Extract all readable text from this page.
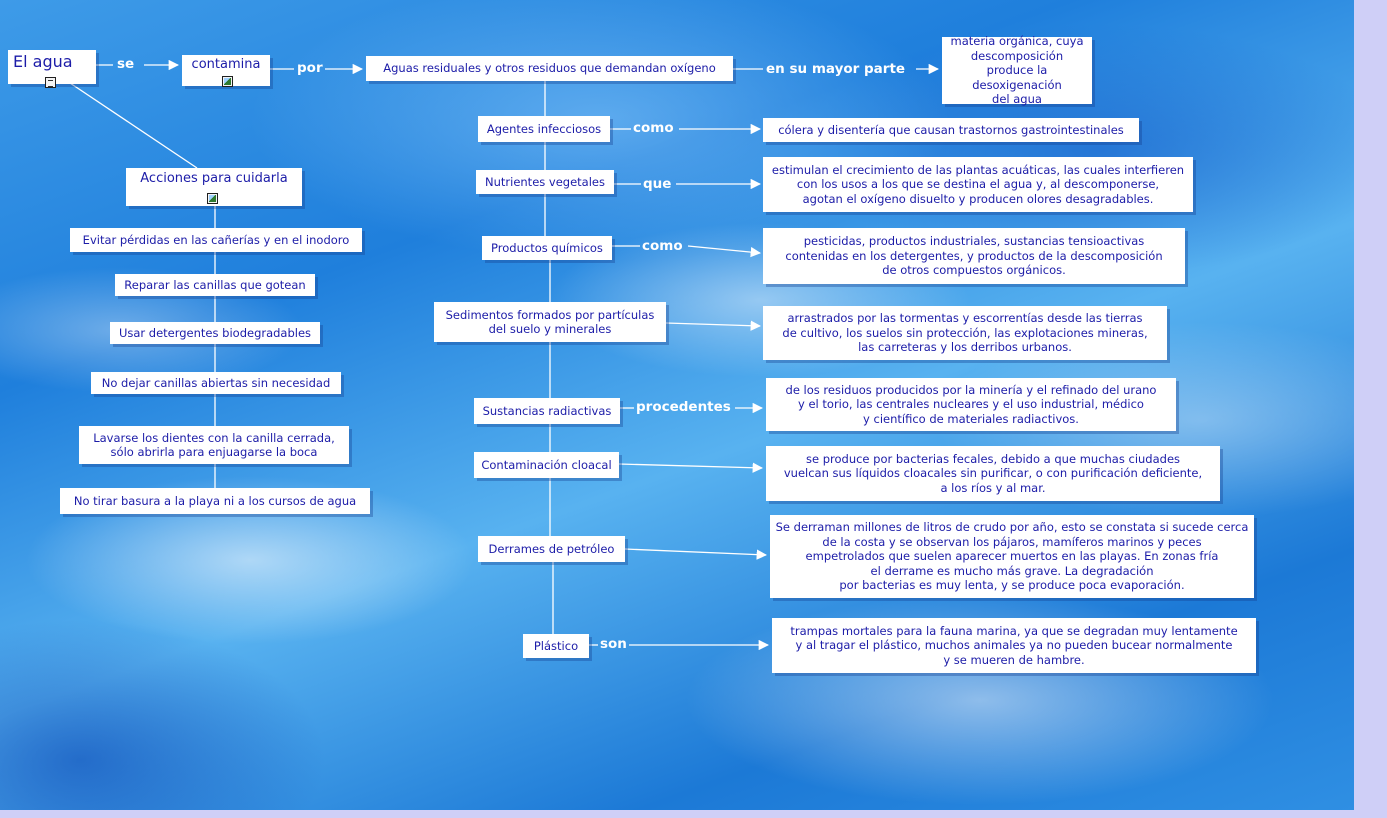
El agua	contamina	Aguas residuales y otros residuos que demandan oxígeno
materia orgánica, cuya
descomposición
produce la desoxigenación
del agua
Agentes infecciosos	cólera y disentería que causan trastornos gastrointestinales
Nutrientes vegetales
estimulan el crecimiento de las plantas acuáticas, las cuales interfieren
con los usos a los que se destina el agua y, al descomponerse,
agotan el oxígeno disuelto y producen olores desagradables.
Productos químicos	pesticidas, productos industriales, sustancias tensioactivas
contenidas en los detergentes, y productos de la descomposición
de otros compuestos orgánicos.
Sedimentos formados por partículas
del suelo y minerales
arrastrados por las tormentas y escorrentías desde las tierras
de cultivo, los suelos sin protección, las explotaciones mineras,
las carreteras y los derribos urbanos.
Sustancias radiactivas
de los residuos producidos por la minería y el refinado del urano
y el torio, las centrales nucleares y el uso industrial, médico
y científico de materiales radiactivos.
Contaminación cloacal	se produce por bacterias fecales, debido a que muchas ciudades
vuelcan sus líquidos cloacales sin purificar, o con purificación deficiente,
a los ríos y al mar.
Derrames de petróleo
Se derraman millones de litros de crudo por año, esto se constata si sucede cerca
de la costa y se observan los pájaros, mamíferos marinos y peces
empetrolados que suelen aparecer muertos en las playas. En zonas fría
el derrame es mucho más grave. La degradación
por bacterias es muy lenta, y se produce poca evaporación.
Plástico
trampas mortales para la fauna marina, ya que se degradan muy lentamente
y al tragar el plástico, muchos animales ya no pueden bucear normalmente
y se mueren de hambre.
Acciones para cuidarla
Evitar pérdidas en las cañerías y en el inodoro
Reparar las canillas que gotean
Usar detergentes biodegradables
No dejar canillas abiertas sin necesidad
Lavarse los dientes con la canilla cerrada,
sólo abrirla para enjuagarse la boca
No tirar basura a la playa ni a los cursos de agua
se	por	en su mayor parte
como
que
como
procedentes
son
